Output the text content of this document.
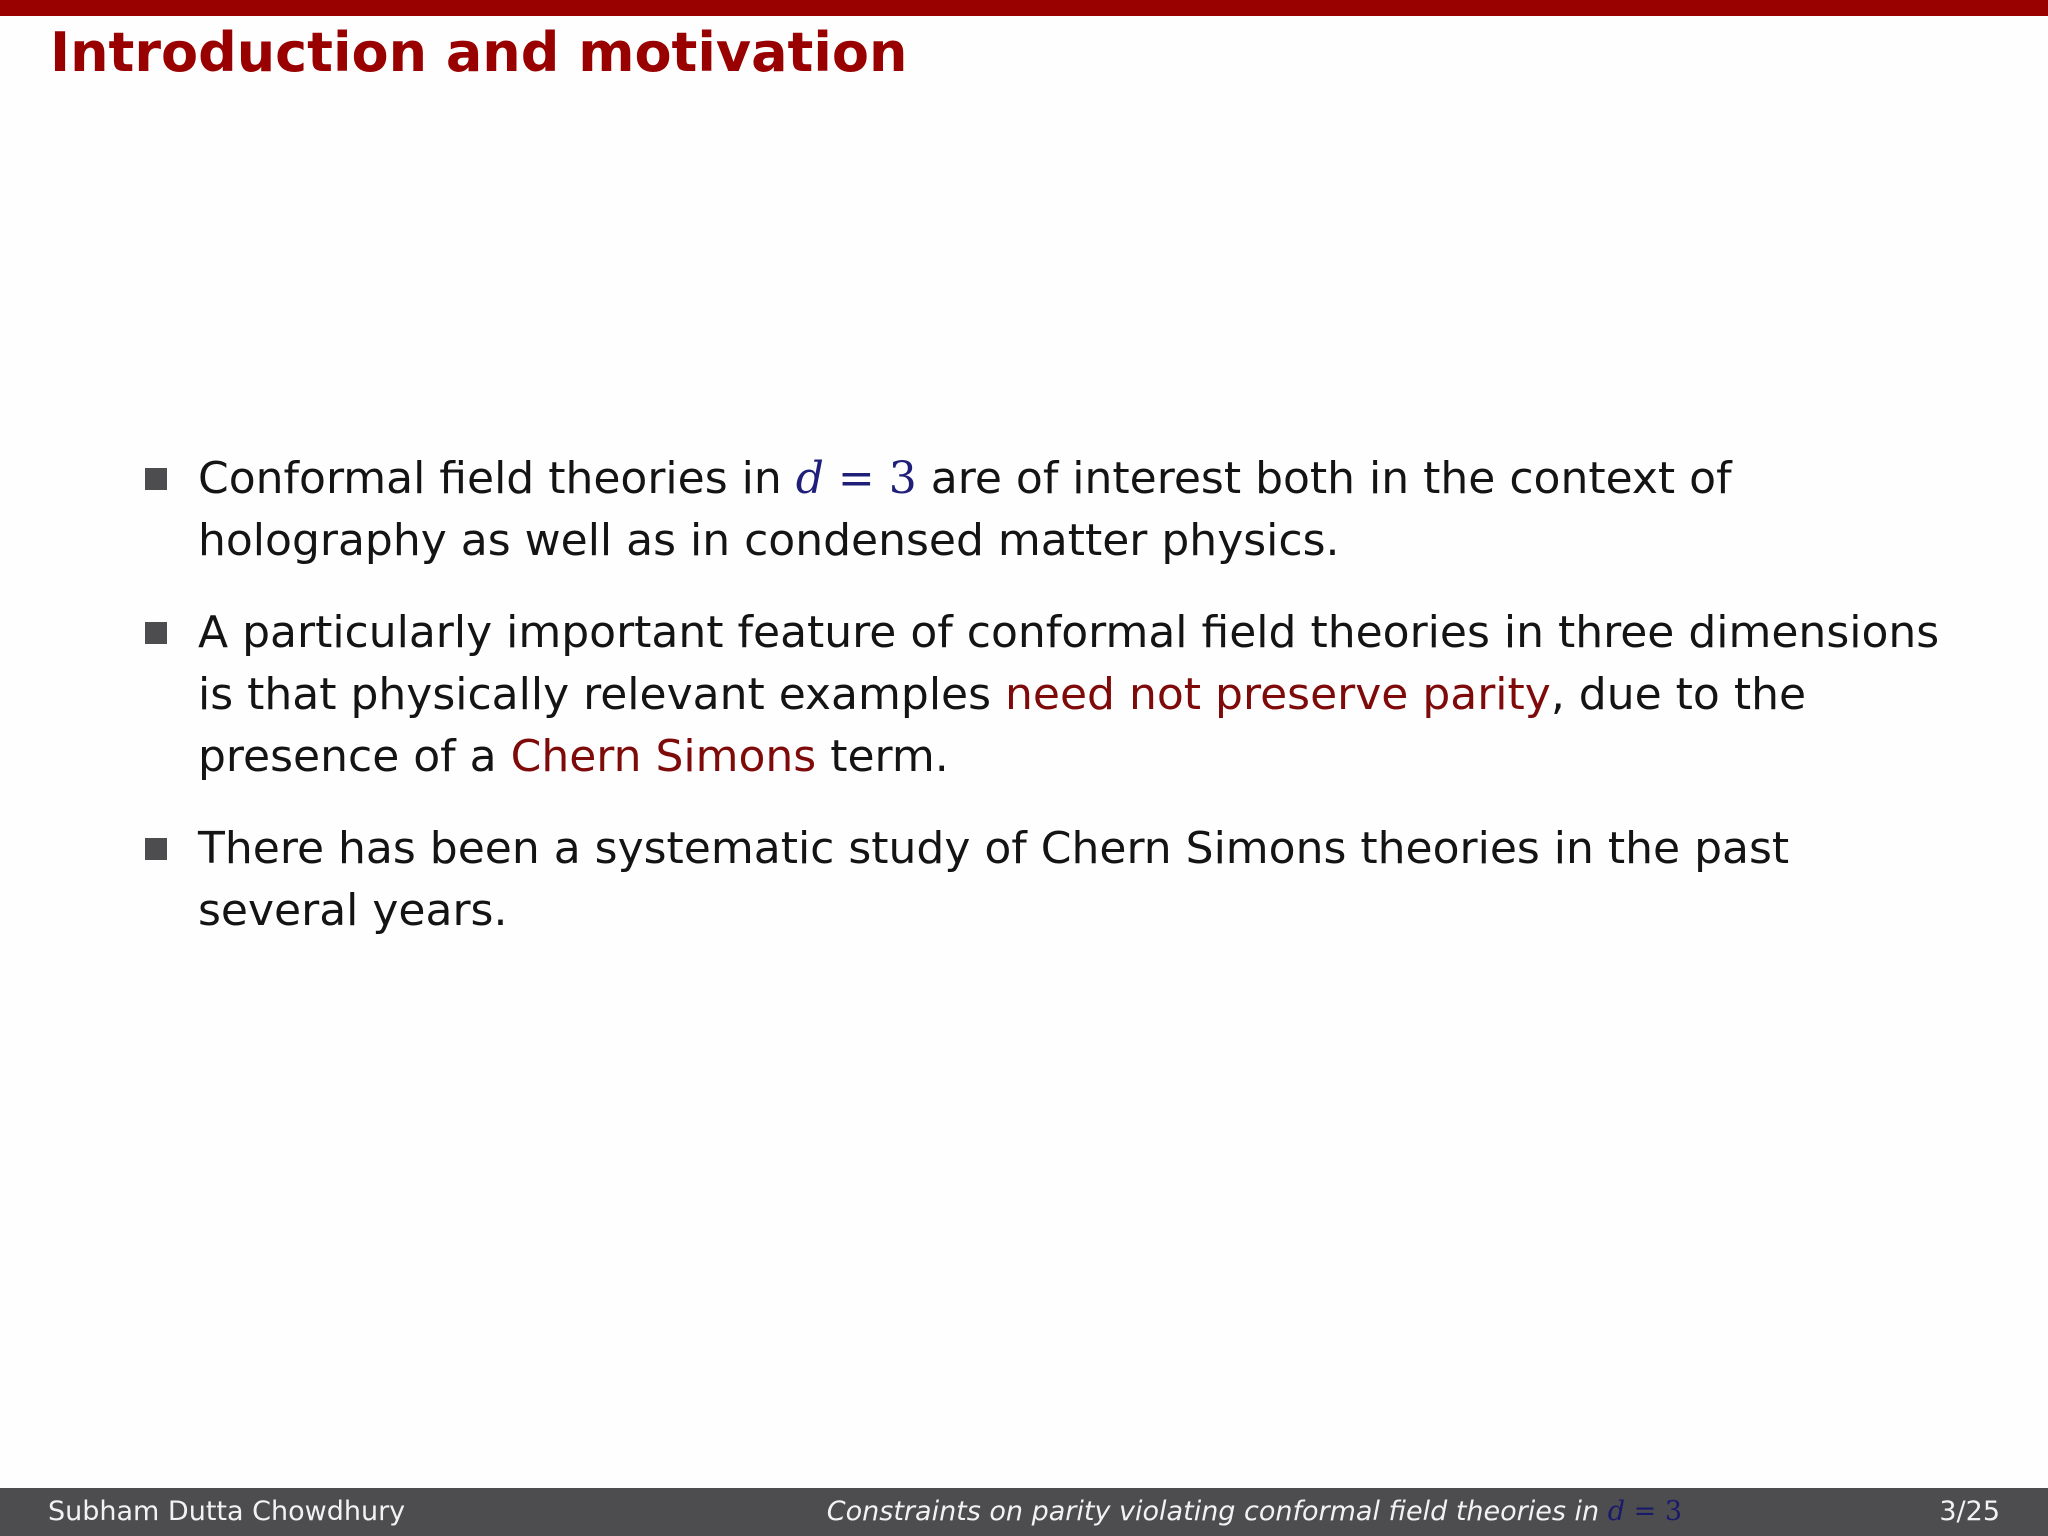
Introduction and motivation
Conformal field theories in d = 3 are of interest both in the context of holography as well as in condensed matter physics.
A particularly important feature of conformal field theories in three dimensions is that physically relevant examples need not preserve parity, due to the presence of a Chern Simons term.
There has been a systematic study of Chern Simons theories in the past several years.
Subham Dutta Chowdhury	Constraints on parity violating conformal field theories in d = 3	3/25
